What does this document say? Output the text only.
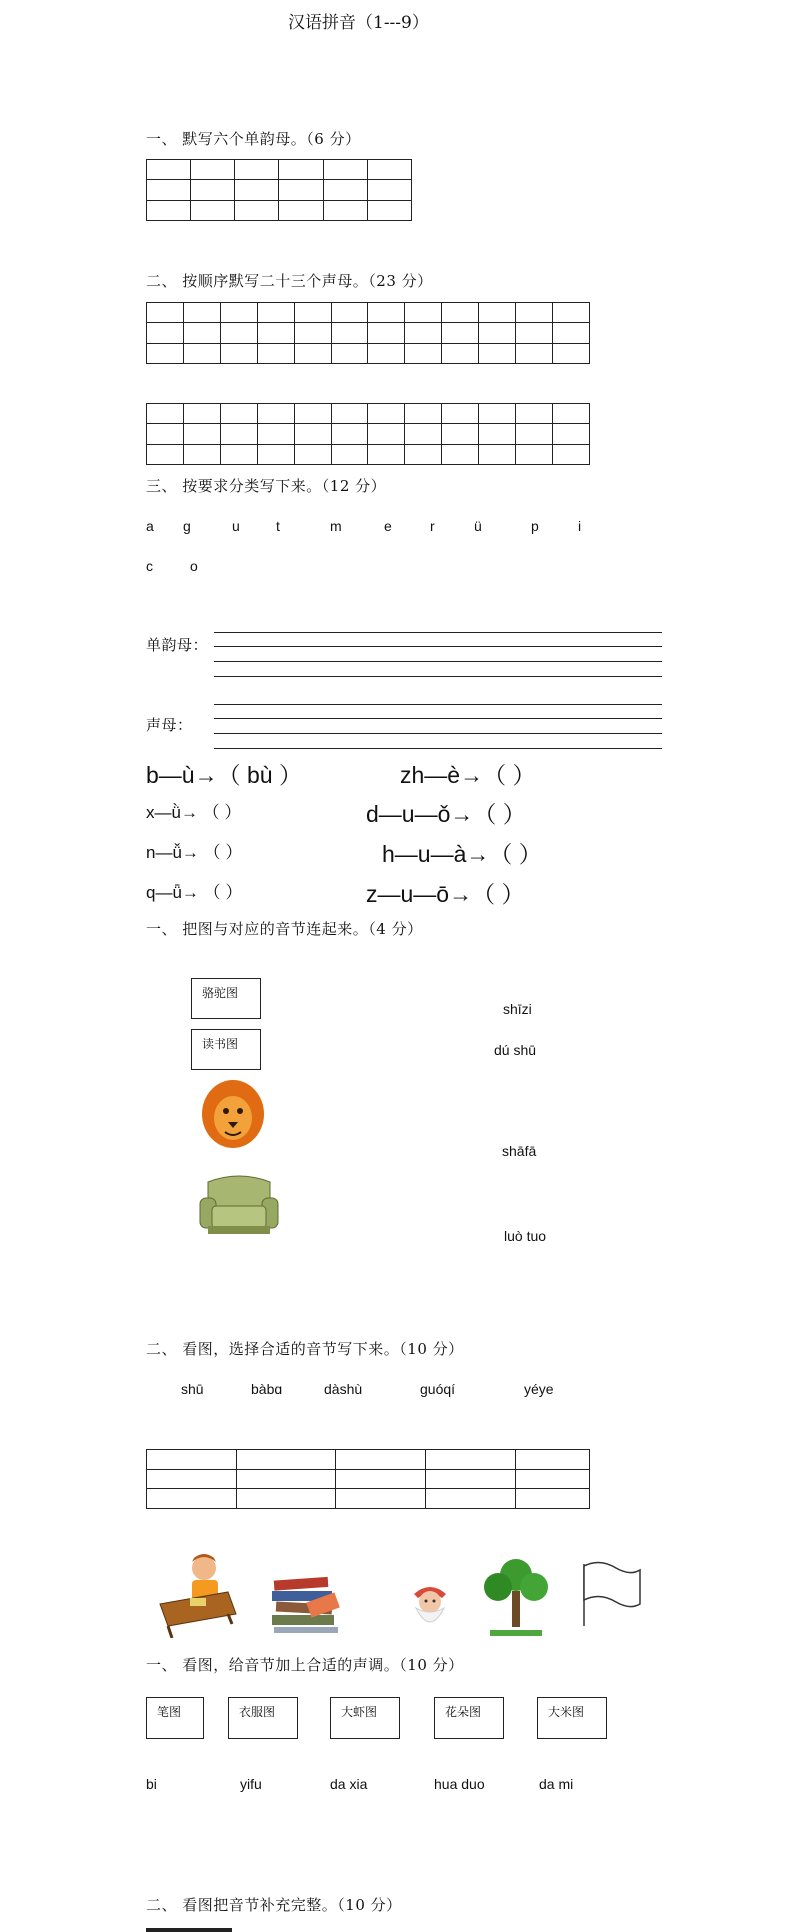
汉语拼音（1---9）
一、 默写六个单韵母。（6 分）

二、 按顺序默写二十三个声母。（23 分）

三、 按要求分类写下来。（12 分）
a g	u	t	m	e	r	ü	p	i
c	o
单韵母：
声母：
b—ù→（ bù ）	zh—è→（ ）
x—ǜ→ （ ）	d—u—ǒ→（ ）
n—ǚ→ （ ）	h—u—à→（ ）
q—ǖ→ （ ）	z—u—ō→（ ）
一、 把图与对应的音节连起来。（4 分）
骆驼图
读书图
shīzi
dú shū
shāfā
luò tuo
二、 看图，选择合适的音节写下来。（10 分）
shū	bàbɑ	dàshù	guóqí	yéye

一、 看图，给音节加上合适的声调。（10 分）
笔图	衣服图	大虾图	花朵图	大米图
bi	yifu	da xia	hua duo	da mi
二、 看图把音节补充完整。（10 分）
